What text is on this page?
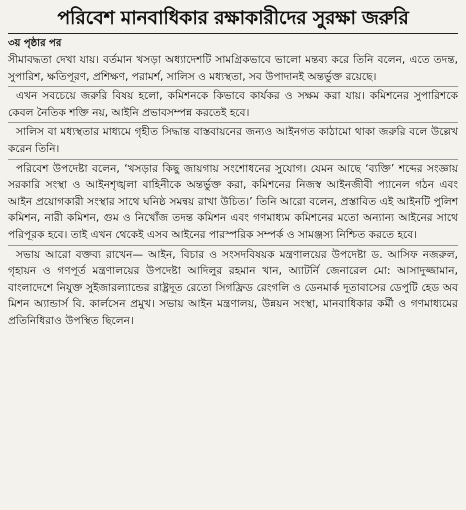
পরিবেশ মানবাধিকার রক্ষাকারীদের সুরক্ষা জরুরি
৩য় পৃষ্ঠার পর

সীমাবদ্ধতা দেখা যায়। বর্তমান খসড়া অধ্যাদেশটি সামগ্রিকভাবে ভালো মন্তব্য করে তিনি বলেন, এতে তদন্ত, সুপারিশ, ক্ষতিপূরণ, প্রশিক্ষণ, পরামর্শ, সালিস ও মধ্যস্থতা, সব উপাদানই অন্তর্ভুক্ত রয়েছে।

এখন সবচেয়ে জরুরি বিষয় হলো, কমিশনকে কিভাবে কার্যকর ও সক্ষম করা যায়। কমিশনের সুপারিশকে কেবল নৈতিক শক্তি নয়, আইনি প্রভাবসম্পন্ন করতেই হবে।

সালিস বা মধ্যস্থতার মাধ্যমে গৃহীত সিদ্ধান্ত বাস্তবায়নের জন্যও আইনগত কাঠামো থাকা জরুরি বলে উল্লেখ করেন তিনি।

পরিবেশ উপদেষ্টা বলেন, ‘খসড়ার কিছু জায়গায় সংশোধনের সুযোগ। যেমন আছে ‘ব্যক্তি’ শব্দের সংজ্ঞায় সরকারি সংস্থা ও আইনশৃঙ্খলা বাহিনীকে অন্তর্ভুক্ত করা, কমিশনের নিজস্ব আইনজীবী প্যানেল গঠন এবং আইন প্রয়োগকারী সংস্থার সাথে ঘনিষ্ঠ সমন্বয় রাখা উচিত।’ তিনি আরো বলেন, প্রস্তাবিত এই আইনটি পুলিশ কমিশন, নারী কমিশন, গুম ও নিখোঁজ তদন্ত কমিশন এবং গণমাধ্যম কমিশনের মতো অন্যান্য আইনের সাথে পরিপূরক হবে। তাই এখন থেকেই এসব আইনের পারস্পরিক সম্পর্ক ও সামঞ্জস্য নিশ্চিত করতে হবে।

সভায় আরো বক্তব্য রাখেন— আইন, বিচার ও সংসদবিষয়ক মন্ত্রণালয়ের উপদেষ্টা ড. আসিফ নজরুল, গৃহায়ন ও গণপূর্ত মন্ত্রণালয়ের উপদেষ্টা আদিলুর রহমান খান, অ্যাটর্নি জেনারেল মো: আসাদুজ্জামান, বাংলাদেশে নিযুক্ত সুইজারল্যান্ডের রাষ্ট্রদূত রেতো সিগফ্রিড রেংগলি ও ডেনমার্ক দূতাবাসের ডেপুটি হেড অব মিশন অ্যান্ডার্স বি. কার্লসেন প্রমুখ। সভায় আইন মন্ত্রণালয়, উন্নয়ন সংস্থা, মানবাধিকার কর্মী ও গণমাধ্যমের প্রতিনিধিরাও উপস্থিত ছিলেন।
